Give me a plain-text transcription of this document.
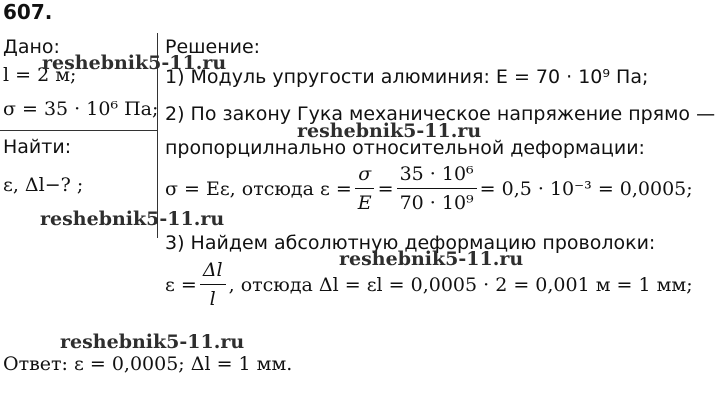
607.
Дано:
l = 2 м;
σ = 35 · 10⁶ Па;
Найти:
ε, Δl−? ;
Решение:
1) Модуль упругости алюминия: E = 70 · 10⁹ Па;
2) По закону Гука механическое напряжение прямо —
пропорцилнально относительной деформации:
σ = Eε, отсюда $\varepsilon = \frac{\sigma}{E} = \frac{\text{35 · 10⁶}}{\text{70 · 10⁹}} = 0,5 \cdot 10^{-3} = 0,0005$;
3) Найдем абсолютную деформацию проволоки:
$\varepsilon = \frac{\Delta l}{l}$ , отсюда Δl = εl = 0,0005 · 2 = 0,001 м = 1 мм;
Ответ: ε = 0,0005; Δl = 1 мм.
reshebnik5-11.ru
reshebnik5-11.ru
reshebnik5-11.ru
reshebnik5-11.ru
reshebnik5-11.ru
